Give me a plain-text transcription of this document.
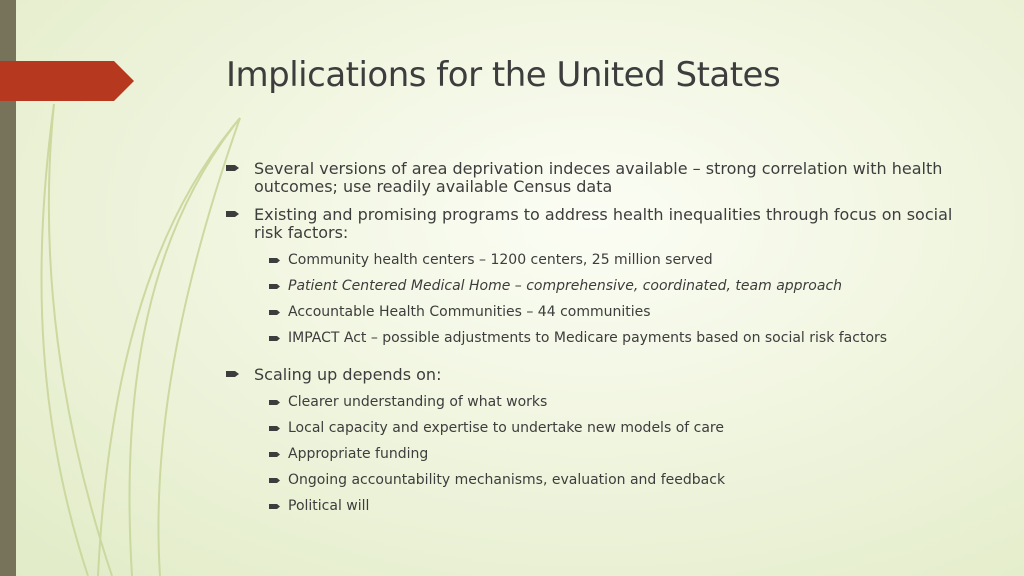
Implications for the United States
Several versions of area deprivation indeces available – strong correlation with health outcomes; use readily available Census data
Existing and promising programs to address health inequalities through focus on social risk factors:
Community health centers – 1200 centers, 25 million served
Patient Centered Medical Home – comprehensive, coordinated, team approach
Accountable Health Communities – 44 communities
IMPACT Act – possible adjustments to Medicare payments based on social risk factors
Scaling up depends on:
Clearer understanding of what works
Local capacity and expertise to undertake new models of care
Appropriate funding
Ongoing accountability mechanisms, evaluation and feedback
Political will
